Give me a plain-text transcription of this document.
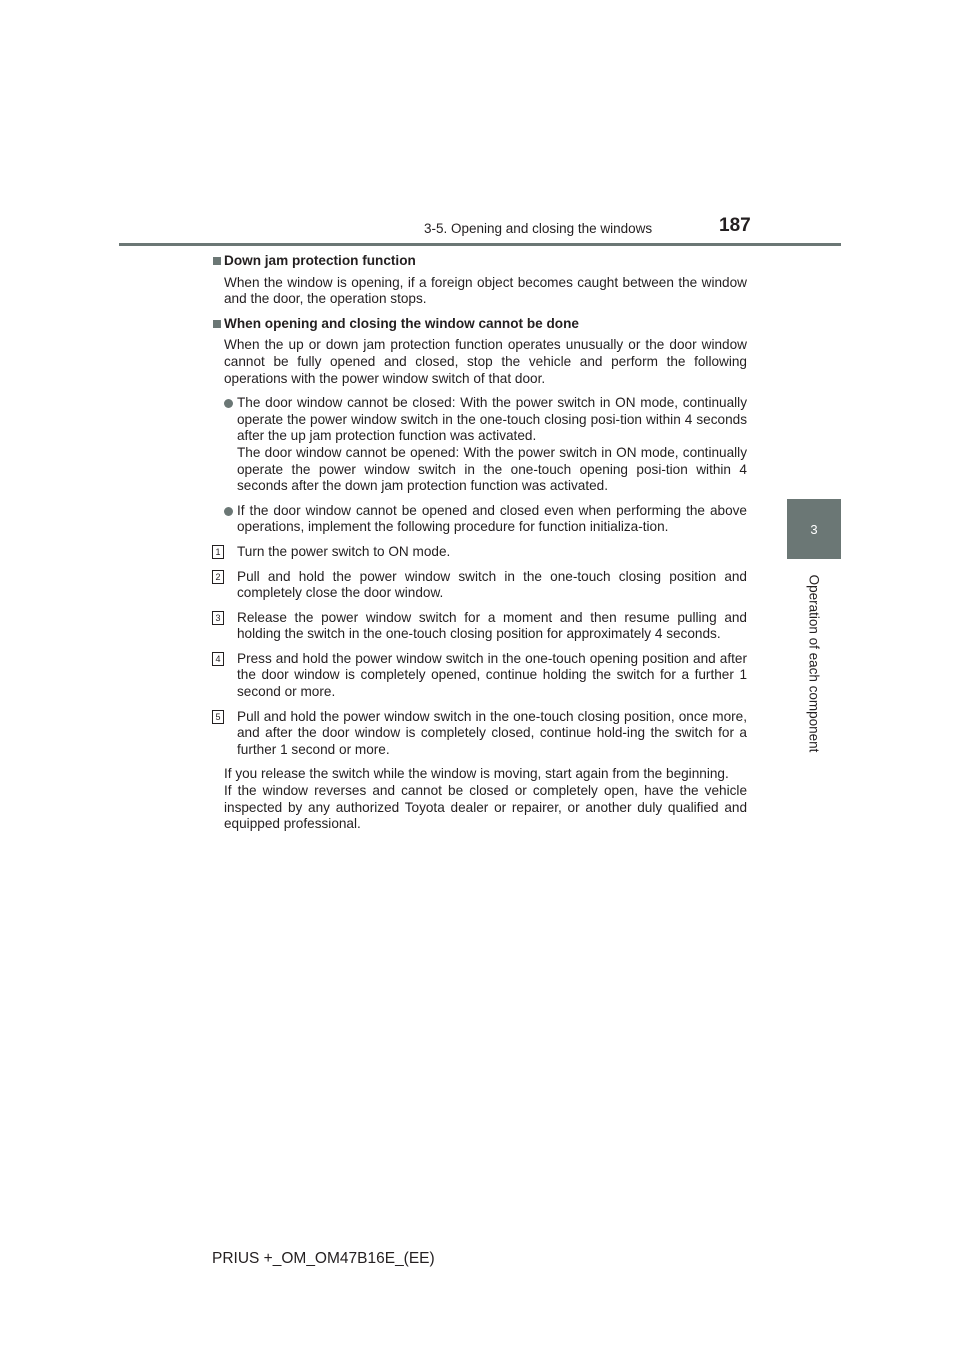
3-5. Opening and closing the windows	187
3
Operation of each component
Down jam protection function
When the window is opening, if a foreign object becomes caught between the window and the door, the operation stops.
When opening and closing the window cannot be done
When the up or down jam protection function operates unusually or the door window cannot be fully opened and closed, stop the vehicle and perform the following operations with the power window switch of that door.
The door window cannot be closed: With the power switch in ON mode, continually operate the power window switch in the one-touch closing posi-tion within 4 seconds after the up jam protection function was activated.
The door window cannot be opened: With the power switch in ON mode, continually operate the power window switch in the one-touch opening posi-tion within 4 seconds after the down jam protection function was activated.
If the door window cannot be opened and closed even when performing the above operations, implement the following procedure for function initializa-tion.
1 Turn the power switch to ON mode.
2 Pull and hold the power window switch in the one-touch closing position and completely close the door window.
3 Release the power window switch for a moment and then resume pulling and holding the switch in the one-touch closing position for approximately 4 seconds.
4 Press and hold the power window switch in the one-touch opening position and after the door window is completely opened, continue holding the switch for a further 1 second or more.
5 Pull and hold the power window switch in the one-touch closing position, once more, and after the door window is completely closed, continue hold-ing the switch for a further 1 second or more.
If you release the switch while the window is moving, start again from the beginning.
If the window reverses and cannot be closed or completely open, have the vehicle inspected by any authorized Toyota dealer or repairer, or another duly qualified and equipped professional.
PRIUS +_OM_OM47B16E_(EE)
